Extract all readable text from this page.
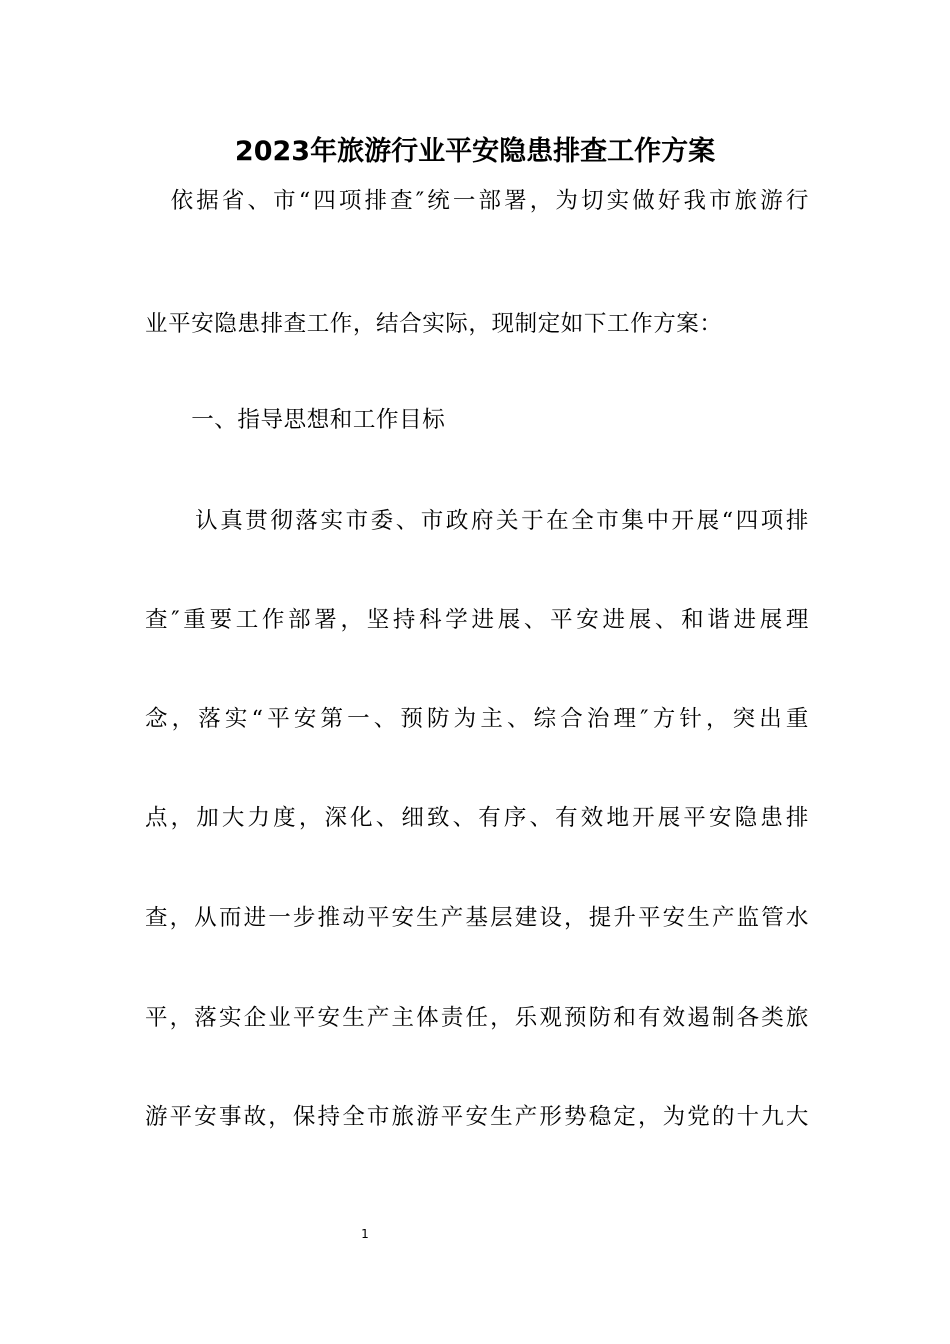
2023年旅游行业平安隐患排查工作方案
　依据省、市“四项排查″统一部署，为切实做好我市旅游行
业平安隐患排查工作，结合实际，现制定如下工作方案：
　　一、指导思想和工作目标
　　认真贯彻落实市委、市政府关于在全市集中开展“四项排
查″重要工作部署，坚持科学进展、平安进展、和谐进展理
念，落实“平安第一、预防为主、综合治理″方针，突出重
点，加大力度，深化、细致、有序、有效地开展平安隐患排
查，从而进一步推动平安生产基层建设，提升平安生产监管水
平，落实企业平安生产主体责任，乐观预防和有效遏制各类旅
游平安事故，保持全市旅游平安生产形势稳定，为党的十九大
1
